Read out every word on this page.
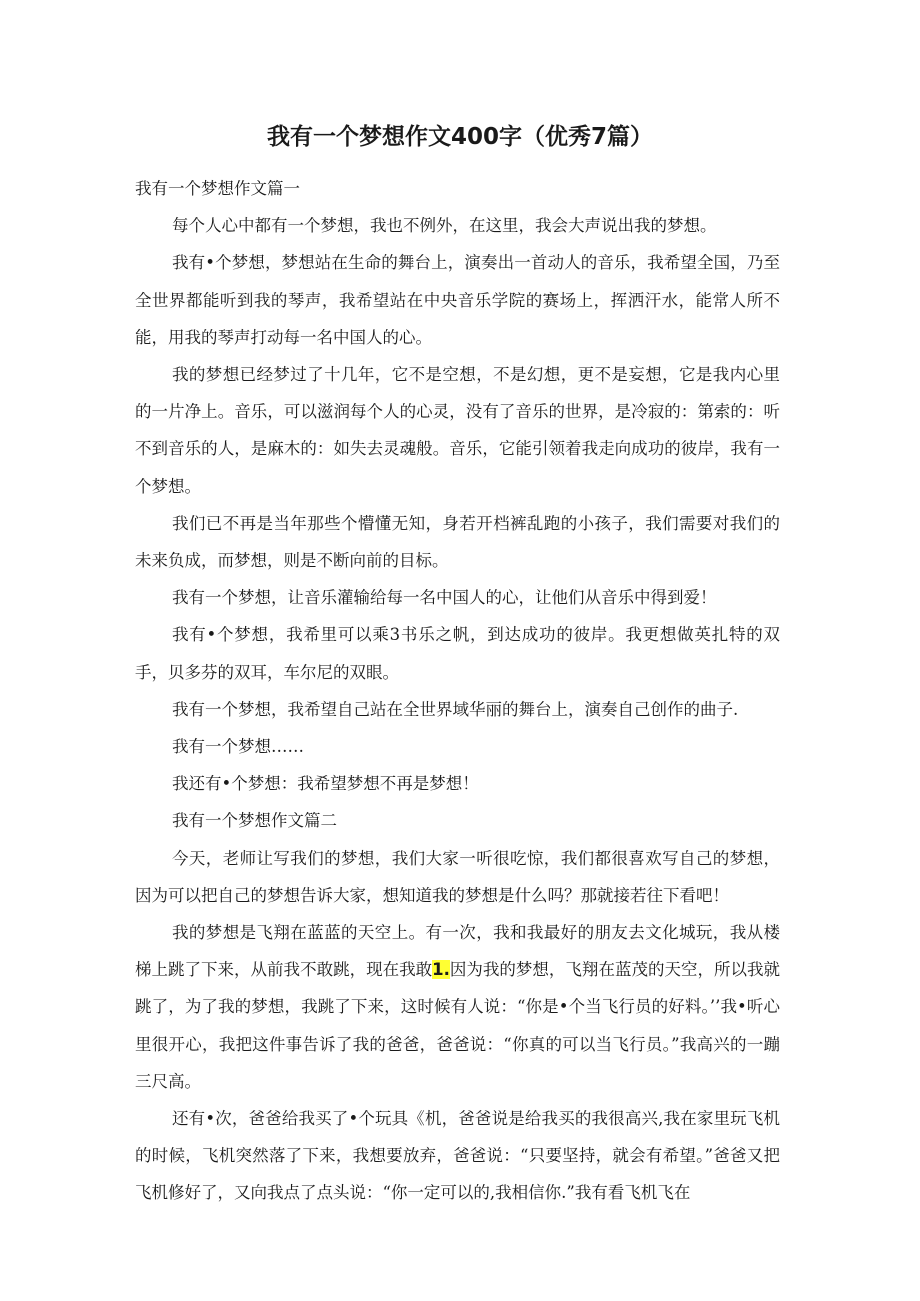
我有一个梦想作文400字（优秀7篇）

我有一个梦想作文篇一

每个人心中都有一个梦想，我也不例外，在这里，我会大声说出我的梦想。

我有•个梦想，梦想站在生命的舞台上，演奏出一首动人的音乐，我希望全国，乃至全世界都能听到我的琴声，我希望站在中央音乐学院的赛场上，挥洒汗水，能常人所不能，用我的琴声打动每一名中国人的心。

我的梦想已经梦过了十几年，它不是空想，不是幻想，更不是妄想，它是我内心里的一片净上。音乐，可以滋润每个人的心灵，没有了音乐的世界，是冷寂的：第索的：听不到音乐的人，是麻木的：如失去灵魂般。音乐，它能引领着我走向成功的彼岸，我有一个梦想。

我们已不再是当年那些个懵懂无知，身若开档裤乱跑的小孩子，我们需要对我们的未来负成，而梦想，则是不断向前的目标。

我有一个梦想，让音乐灌输给每一名中国人的心，让他们从音乐中得到爱！

我有•个梦想，我希里可以乘3书乐之帆，到达成功的彼岸。我更想做英扎特的双手，贝多芬的双耳，车尔尼的双眼。

我有一个梦想，我希望自己站在全世界域华丽的舞台上，演奏自己创作的曲子.

我有一个梦想……

我还有•个梦想：我希望梦想不再是梦想！

我有一个梦想作文篇二

今天，老师让写我们的梦想，我们大家一听很吃惊，我们都很喜欢写自己的梦想，因为可以把自己的梦想告诉大家，想知道我的梦想是什么吗？那就接若往下看吧！

我的梦想是飞翔在蓝蓝的天空上。有一次，我和我最好的朋友去文化城玩，我从楼梯上跳了下来，从前我不敢跳，现在我敢1.因为我的梦想，飞翔在蓝茂的天空，所以我就跳了，为了我的梦想，我跳了下来，这时候有人说：“你是•个当飞行员的好料。’’我•听心里很开心，我把这件事告诉了我的爸爸，爸爸说：“你真的可以当飞行员。”我高兴的一蹦三尺高。

还有•次，爸爸给我买了•个玩具《机，爸爸说是给我买的我很高兴,我在家里玩飞机的时候，飞机突然落了下来，我想要放弃，爸爸说：“只要坚持，就会有希望。”爸爸又把飞机修好了，又向我点了点头说：“你一定可以的,我相信你.”我有看飞机飞在
